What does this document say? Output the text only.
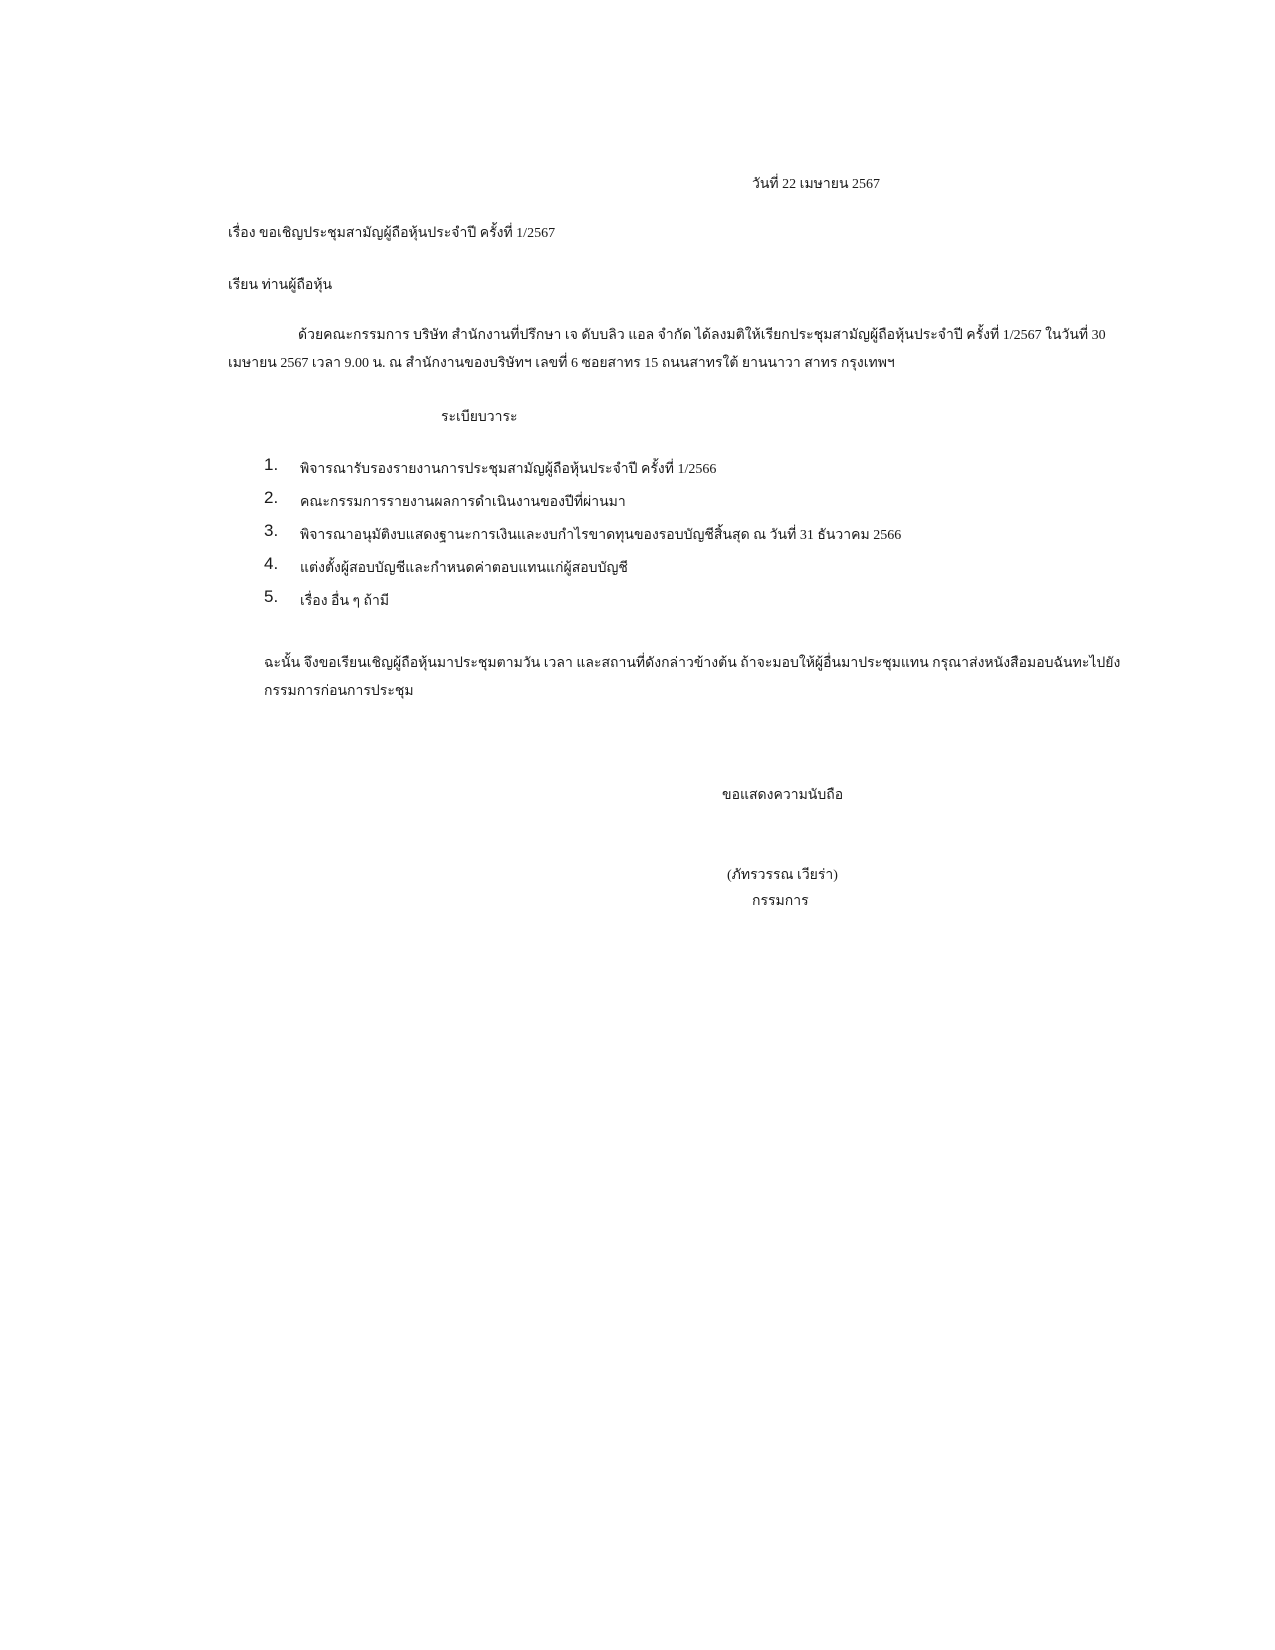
วันที่ 22 เมษายน 2567
เรื่อง ขอเชิญประชุมสามัญผู้ถือหุ้นประจำปี ครั้งที่ 1/2567
เรียน ท่านผู้ถือหุ้น
ด้วยคณะกรรมการ บริษัท สำนักงานที่ปรึกษา เจ ดับบลิว แอล จำกัด ได้ลงมติให้เรียกประชุมสามัญผู้ถือหุ้นประจำปี ครั้งที่ 1/2567 ในวันที่ 30
เมษายน 2567 เวลา 9.00 น. ณ สำนักงานของบริษัทฯ เลขที่ 6 ซอยสาทร 15 ถนนสาทรใต้ ยานนาวา สาทร กรุงเทพฯ
ระเบียบวาระ
1. พิจารณารับรองรายงานการประชุมสามัญผู้ถือหุ้นประจำปี ครั้งที่ 1/2566
2. คณะกรรมการรายงานผลการดำเนินงานของปีที่ผ่านมา
3. พิจารณาอนุมัติงบแสดงฐานะการเงินและงบกำไรขาดทุนของรอบบัญชีสิ้นสุด ณ วันที่ 31 ธันวาคม 2566
4. แต่งตั้งผู้สอบบัญชีและกำหนดค่าตอบแทนแก่ผู้สอบบัญชี
5. เรื่อง อื่น ๆ ถ้ามี
ฉะนั้น จึงขอเรียนเชิญผู้ถือหุ้นมาประชุมตามวัน เวลา และสถานที่ดังกล่าวข้างต้น ถ้าจะมอบให้ผู้อื่นมาประชุมแทน กรุณาส่งหนังสือมอบฉันทะไปยัง
กรรมการก่อนการประชุม
ขอแสดงความนับถือ
(ภัทรวรรณ เวียร่า)
กรรมการ
